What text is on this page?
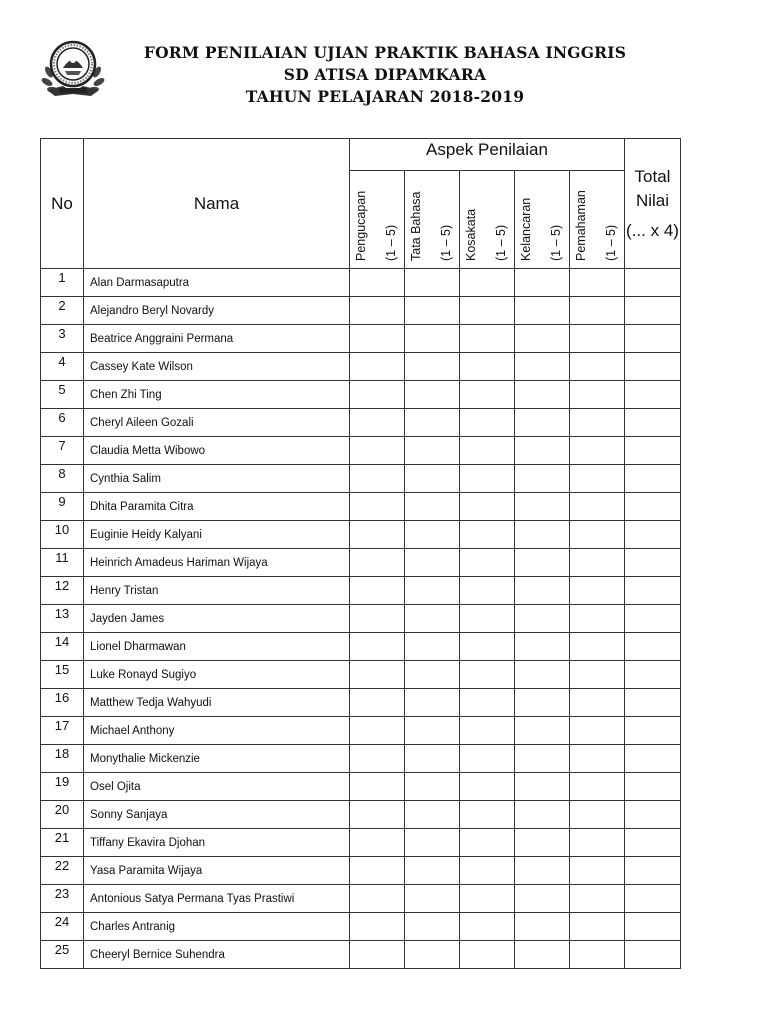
FORM PENILAIAN UJIAN PRAKTIK BAHASA INGGRIS
SD ATISA DIPAMKARA
TAHUN PELAJARAN 2018-2019
No	Nama	Aspek Penilaian					Total
Nilai
(... x 4)

		Pengucapan (1 – 5)	Tata Bahasa (1 – 5)	Kosakata (1 – 5)	Kelancaran (1 – 5)	Pemahaman (1 – 5)	

1	Alan Darmasaputra						
2	Alejandro Beryl Novardy						
3	Beatrice Anggraini Permana						
4	Cassey Kate Wilson						
5	Chen Zhi Ting						
6	Cheryl Aileen Gozali						
7	Claudia Metta Wibowo						
8	Cynthia Salim						
9	Dhita Paramita Citra						
10	Euginie Heidy Kalyani						
11	Heinrich Amadeus Hariman Wijaya						
12	Henry Tristan						
13	Jayden James						
14	Lionel Dharmawan						
15	Luke Ronayd Sugiyo						
16	Matthew Tedja Wahyudi						
17	Michael Anthony						
18	Monythalie Mickenzie						
19	Osel Ojita						
20	Sonny Sanjaya						
21	Tiffany Ekavira Djohan						
22	Yasa Paramita Wijaya						
23	Antonious Satya Permana Tyas Prastiwi						
24	Charles Antranig						
25	Cheeryl Bernice Suhendra						
